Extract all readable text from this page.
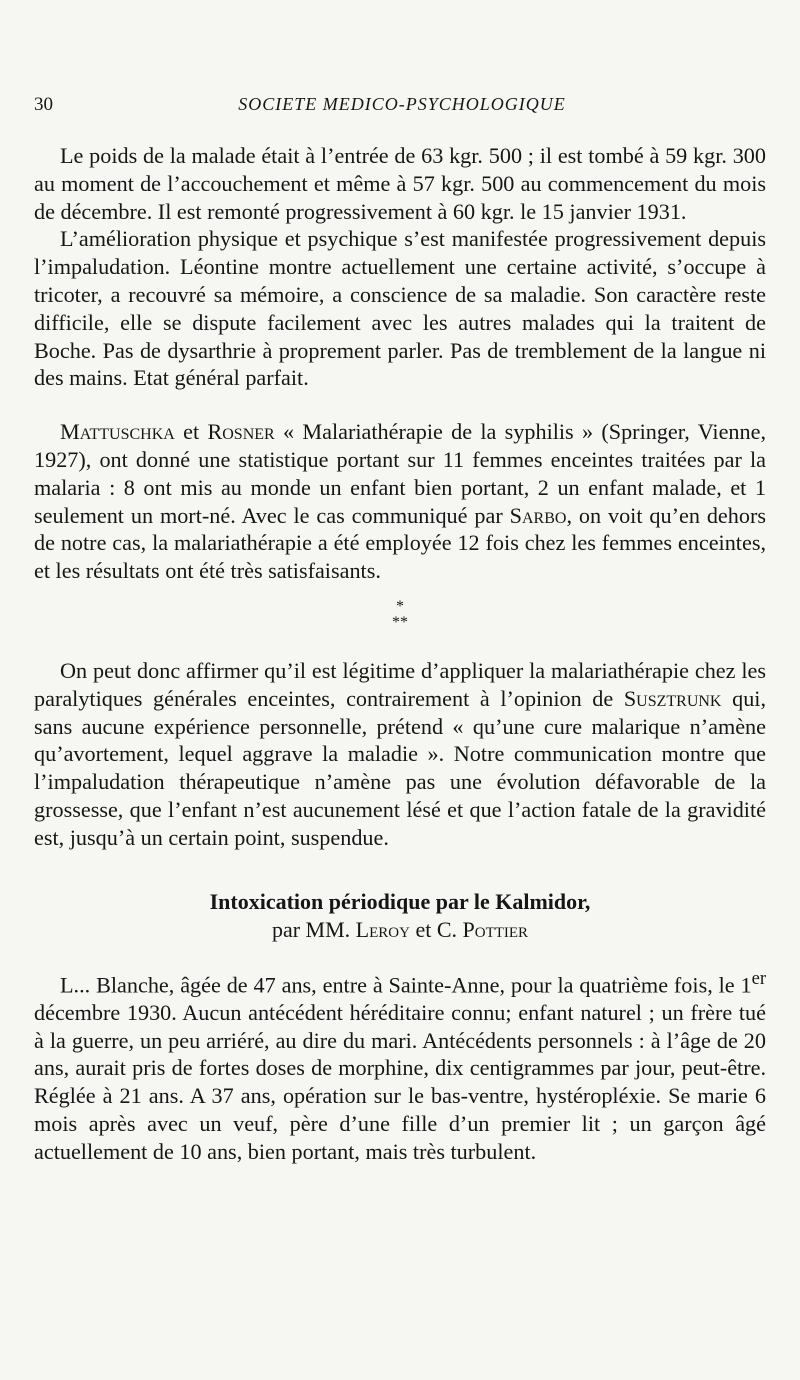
30	SOCIETE MEDICO-PSYCHOLOGIQUE

Le poids de la malade était à l’entrée de 63 kgr. 500 ; il est tombé à 59 kgr. 300 au moment de l’accouchement et même à 57 kgr. 500 au commencement du mois de décembre. Il est remonté progressivement à 60 kgr. le 15 janvier 1931.

L’amélioration physique et psychique s’est manifestée progressivement depuis l’impaludation. Léontine montre actuellement une certaine activité, s’occupe à tricoter, a recouvré sa mémoire, a conscience de sa maladie. Son caractère reste difficile, elle se dispute facilement avec les autres malades qui la traitent de Boche. Pas de dysarthrie à proprement parler. Pas de tremblement de la langue ni des mains. Etat général parfait.

Mattuschka et Rosner « Malariathérapie de la syphilis » (Springer, Vienne, 1927), ont donné une statistique portant sur 11 femmes enceintes traitées par la malaria : 8 ont mis au monde un enfant bien portant, 2 un enfant malade, et 1 seulement un mort-né. Avec le cas communiqué par Sarbo, on voit qu’en dehors de notre cas, la malariathérapie a été employée 12 fois chez les femmes enceintes, et les résultats ont été très satisfaisants.

*
**

On peut donc affirmer qu’il est légitime d’appliquer la malariathérapie chez les paralytiques générales enceintes, contrairement à l’opinion de Susztrunk qui, sans aucune expérience personnelle, prétend « qu’une cure malarique n’amène qu’avortement, lequel aggrave la maladie ». Notre communication montre que l’impaludation thérapeutique n’amène pas une évolution défavorable de la grossesse, que l’enfant n’est aucunement lésé et que l’action fatale de la gravidité est, jusqu’à un certain point, suspendue.

Intoxication périodique par le Kalmidor,
par MM. Leroy et C. Pottier

L... Blanche, âgée de 47 ans, entre à Sainte-Anne, pour la quatrième fois, le 1er décembre 1930. Aucun antécédent héréditaire connu; enfant naturel ; un frère tué à la guerre, un peu arriéré, au dire du mari. Antécédents personnels : à l’âge de 20 ans, aurait pris de fortes doses de morphine, dix centigrammes par jour, peut-être. Réglée à 21 ans. A 37 ans, opération sur le bas-ventre, hystéropléxie. Se marie 6 mois après avec un veuf, père d’une fille d’un premier lit ; un garçon âgé actuellement de 10 ans, bien portant, mais très turbulent.
